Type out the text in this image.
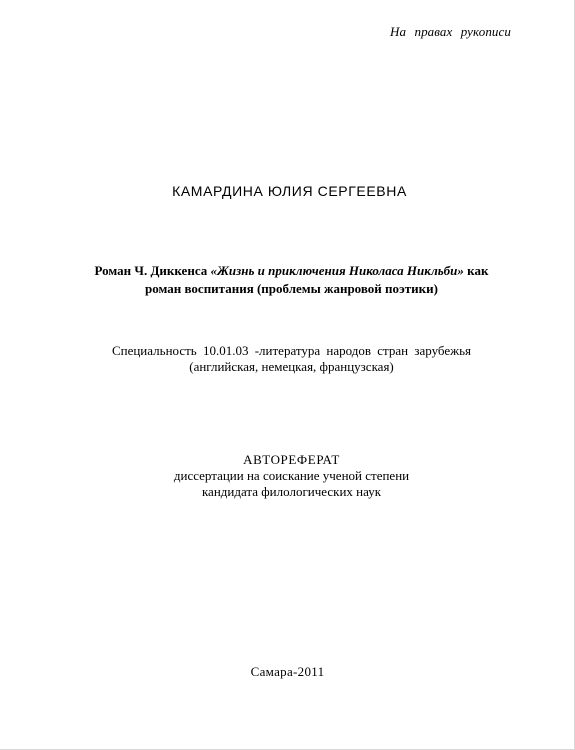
На правах рукописи
КАМАРДИНА ЮЛИЯ СЕРГЕЕВНА
Роман Ч. Диккенса «Жизнь и приключения Николаса Никльби» как
роман воспитания (проблемы жанровой поэтики)
Специальность 10.01.03 -литература народов стран зарубежья
(английская, немецкая, французская)
АВТОРЕФЕРАТ
диссертации на соискание ученой степени
кандидата филологических наук
Самара-2011
